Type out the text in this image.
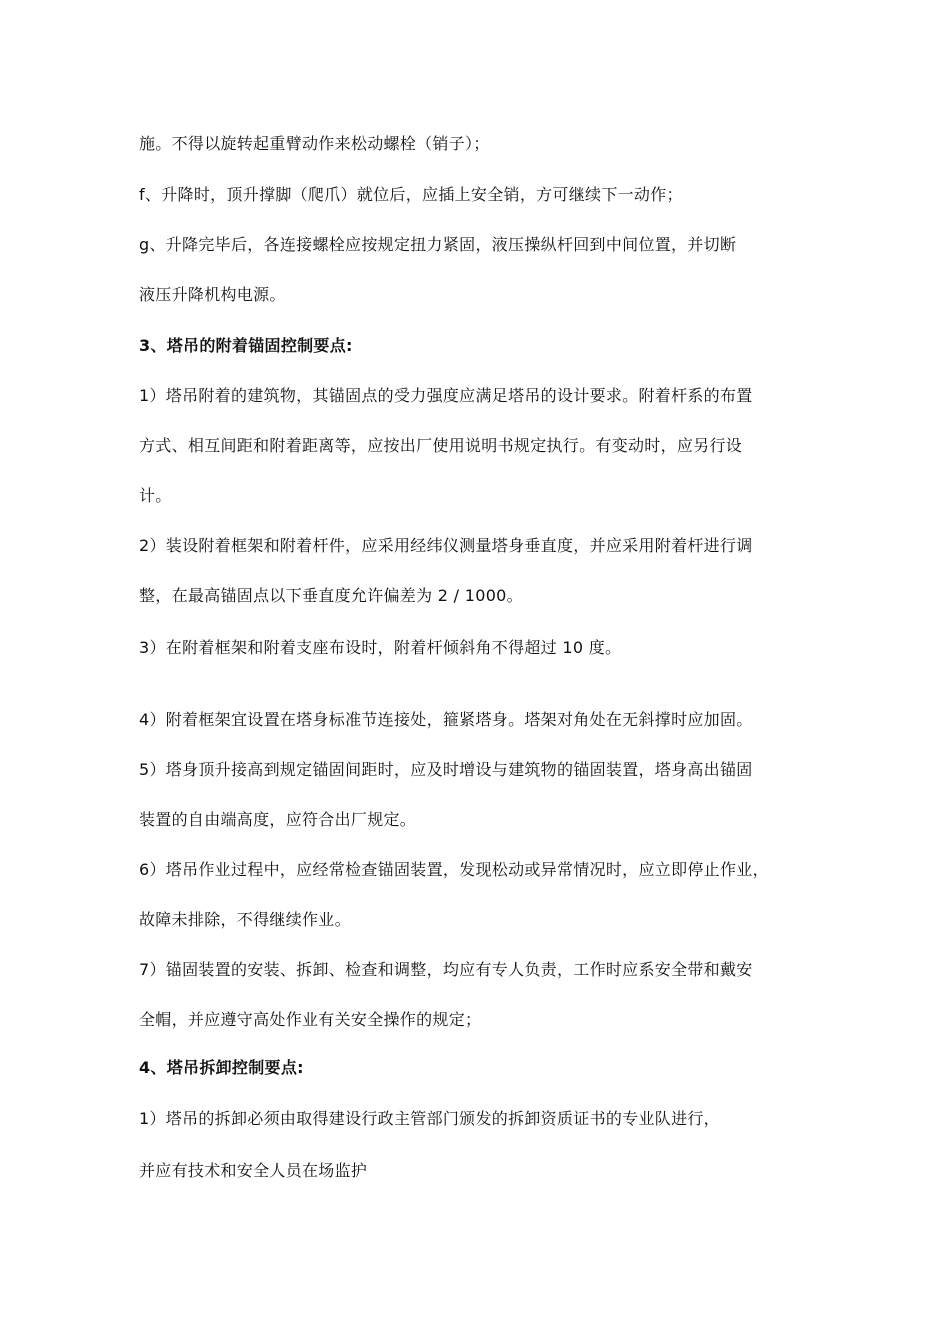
施。不得以旋转起重臂动作来松动螺栓（销子）；

f、升降时，顶升撑脚（爬爪）就位后，应插上安全销，方可继续下一动作；

g、升降完毕后，各连接螺栓应按规定扭力紧固，液压操纵杆回到中间位置，并切断

液压升降机构电源。

3、塔吊的附着锚固控制要点:

1）塔吊附着的建筑物，其锚固点的受力强度应满足塔吊的设计要求。附着杆系的布置

方式、相互间距和附着距离等，应按出厂使用说明书规定执行。有变动时，应另行设

计。

2）装设附着框架和附着杆件，应采用经纬仪测量塔身垂直度，并应采用附着杆进行调

整，在最高锚固点以下垂直度允许偏差为 2 / 1000。

3）在附着框架和附着支座布设时，附着杆倾斜角不得超过 10 度。

4）附着框架宜设置在塔身标准节连接处，箍紧塔身。塔架对角处在无斜撑时应加固。

5）塔身顶升接高到规定锚固间距时，应及时增设与建筑物的锚固装置，塔身高出锚固

装置的自由端高度，应符合出厂规定。

6）塔吊作业过程中，应经常检查锚固装置，发现松动或异常情况时，应立即停止作业，

故障未排除，不得继续作业。

7）锚固装置的安装、拆卸、检查和调整，均应有专人负责，工作时应系安全带和戴安

全帽，并应遵守高处作业有关安全操作的规定；

4、塔吊拆卸控制要点:

1）塔吊的拆卸必须由取得建设行政主管部门颁发的拆卸资质证书的专业队进行，

并应有技术和安全人员在场监护
